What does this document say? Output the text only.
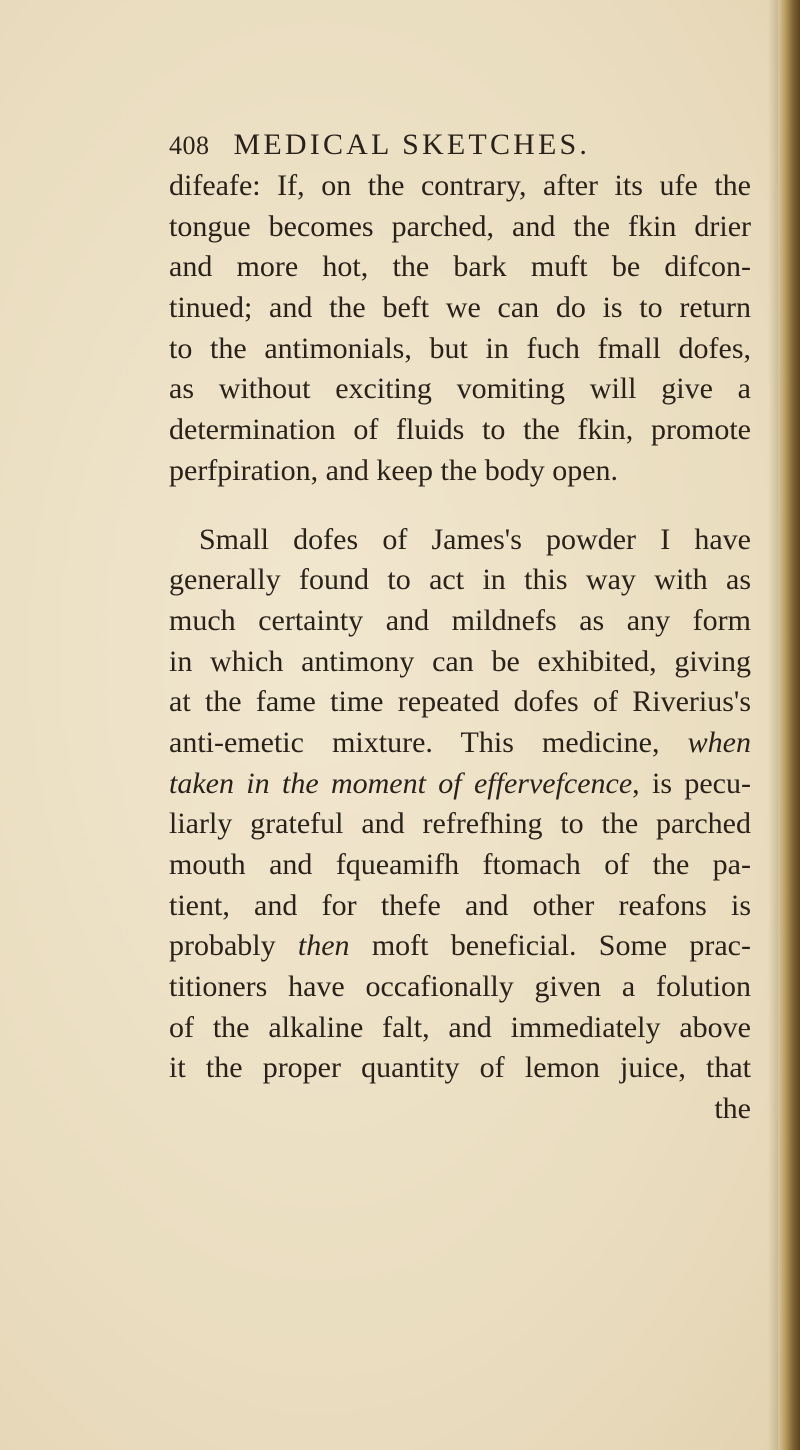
408 MEDICAL SKETCHES.
difeafe: If, on the contrary, after its ufe the
tongue becomes parched, and the fkin drier
and more hot, the bark muft be difcon-
tinued; and the beft we can do is to return
to the antimonials, but in fuch fmall dofes,
as without exciting vomiting will give a
determination of fluids to the fkin, promote
perfpiration, and keep the body open.
Small dofes of James's powder I have
generally found to act in this way with as
much certainty and mildnefs as any form
in which antimony can be exhibited, giving
at the fame time repeated dofes of Riverius's
anti-emetic mixture. This medicine, when
taken in the moment of effervefcence, is pecu-
liarly grateful and refrefhing to the parched
mouth and fqueamifh ftomach of the pa-
tient, and for thefe and other reafons is
probably then moft beneficial. Some prac-
titioners have occafionally given a folution
of the alkaline falt, and immediately above
it the proper quantity of lemon juice, that
the
